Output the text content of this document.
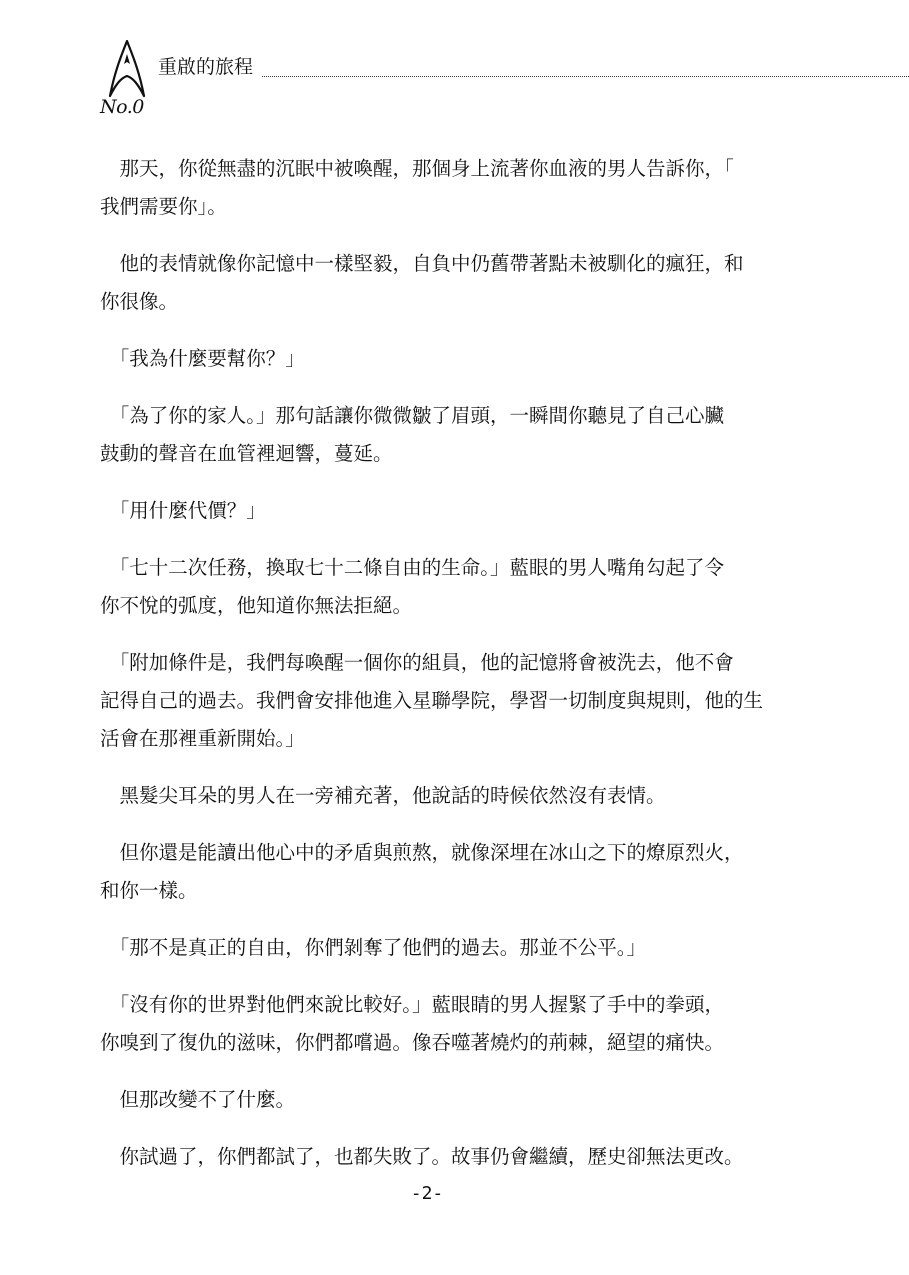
No.0
重啟的旅程
　那天，你從無盡的沉眠中被喚醒，那個身上流著你血液的男人告訴你，「
我們需要你」。
　他的表情就像你記憶中一樣堅毅，自負中仍舊帶著點未被馴化的瘋狂，和
你很像。
　「我為什麼要幫你？」
　「為了你的家人。」那句話讓你微微皺了眉頭，一瞬間你聽見了自己心臟
鼓動的聲音在血管裡迴響，蔓延。
　「用什麼代價？」
　「七十二次任務，換取七十二條自由的生命。」藍眼的男人嘴角勾起了令
你不悅的弧度，他知道你無法拒絕。
　「附加條件是，我們每喚醒一個你的組員，他的記憶將會被洗去，他不會
記得自己的過去。我們會安排他進入星聯學院，學習一切制度與規則，他的生
活會在那裡重新開始。」
　黑髮尖耳朵的男人在一旁補充著，他說話的時候依然沒有表情。
　但你還是能讀出他心中的矛盾與煎熬，就像深埋在冰山之下的燎原烈火，
和你一樣。
　「那不是真正的自由，你們剝奪了他們的過去。那並不公平。」
　「沒有你的世界對他們來說比較好。」藍眼睛的男人握緊了手中的拳頭，
你嗅到了復仇的滋味，你們都嚐過。像吞噬著燒灼的荊棘，絕望的痛快。
　但那改變不了什麼。
　你試過了，你們都試了，也都失敗了。故事仍會繼續，歷史卻無法更改。
-2-
